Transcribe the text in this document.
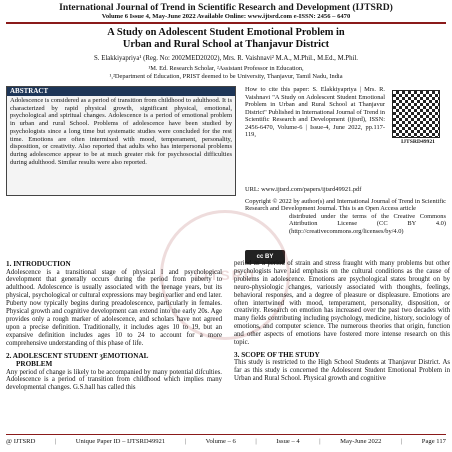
International Journal of Trend in Scientific Research and Development (IJTSRD)
Volume 6 Issue 4, May-June 2022 Available Online: www.ijtsrd.com e-ISSN: 2456 – 6470
A Study on Adolescent Student Emotional Problem in
Urban and Rural School at Thanjavur District
S. Elakkiyapriya¹ (Reg. No: 2002MED20202), Mrs. R. Vaishnavi² M.A., M.Phil., M.Ed., M.Phil.
¹M. Ed. Research Scholar, ²Assistant Professor in Education,
¹,²Department of Education, PRIST deemed to be University, Thanjavur, Tamil Nadu, India
ABSTRACT
Adolescence is considered as a period of transition from childhood to adulthood. It is characterized by rapid physical growth, significant physical, emotional, psychological and spiritual changes. Adolescence is a period of emotional problem in urban and rural School. Problems of adolescence have been studied by psychologists since a long time but systematic studies were concluded for the rest time. Emotions are often intermixed with mood, temperament, personality, disposition, or creativity. Also reported that adults who has interpersonal problems during adolescence appear to be at much greater risk for psychosocial difficulties during adulthood. Similar results were also reported.
How to cite this paper: S. Elakkiyapriya | Mrs. R. Vaishnavi "A Study on Adolescent Student Emotional Problem in Urban and Rural School at Thanjavur District" Published in International Journal of Trend in Scientific Research and Development (ijtsrd), ISSN: 2456-6470, Volume-6 | Issue-4, June 2022, pp.117-119,
IJTSRD49921
URL: www.ijtsrd.com/papers/ijtsrd49921.pdf
Copyright © 2022 by author(s) and International Journal of Trend in Scientific Research and Development Journal. This is an Open Access article
cc BY
distributed under the terms of the Creative Commons Attribution License (CC BY 4.0) (http://creativecommons.org/licenses/by/4.0)
IJTSRD
1. INTRODUCTION
Adolescence is a transitional stage of physical l and psychological development that generally occurs during the period from puberty to adulthood. Adolescence is usually associated with the teenage years, but its physical, psychological or cultural expressions may begin earlier and end later. Puberty now typically begins during preadolescence, particularly in females. Physical growth and cognitive development can extend into the early 20s. Age provides only a rough marker of adolescence, and scholars have not agreed upon a precise definition. Traditionally, it includes ages 10 to 19, but an expansive definition includes ages 10 to 24 to account for a more comprehensive understanding of this phase of life.
2. ADOLESCENT STUDENT ʒEMOTIONAL
PROBLEM
Any period of change is likely to be accompanied by many potential difculties. Adolescence is a period of transition from childhood which implies many developmental changes. G.S.hall has called this
period as a period of strain and stress fraught with many problems but other psychologists have laid emphasis on the cultural conditions as the cause of problems in adolescence. Emotions are psychological states brought on by neuro-physiologic changes, variously associated with thoughts, feelings, behavioral responses, and a degree of pleasure or displeasure. Emotions are often intertwined with mood, temperament, personality, disposition, or creativity. Research on emotion has increased over the past two decades with many fields contributing including psychology, medicine, history, sociology of emotions, and computer science. The numerous theories that origin, function and other aspects of emotions have fostered more intense research on this topic.
3. SCOPE OF THE STUDY
This study is restricted to the High School Students at Thanjavur District. As far as this study is concerned the Adolescent Student Emotional Problem in Urban and Rural School. Physical growth and cognitive
@ IJTSRD	|	Unique Paper ID – IJTSRD49921	|	Volume – 6	|	Issue – 4	|	May-June 2022	|	Page 117
